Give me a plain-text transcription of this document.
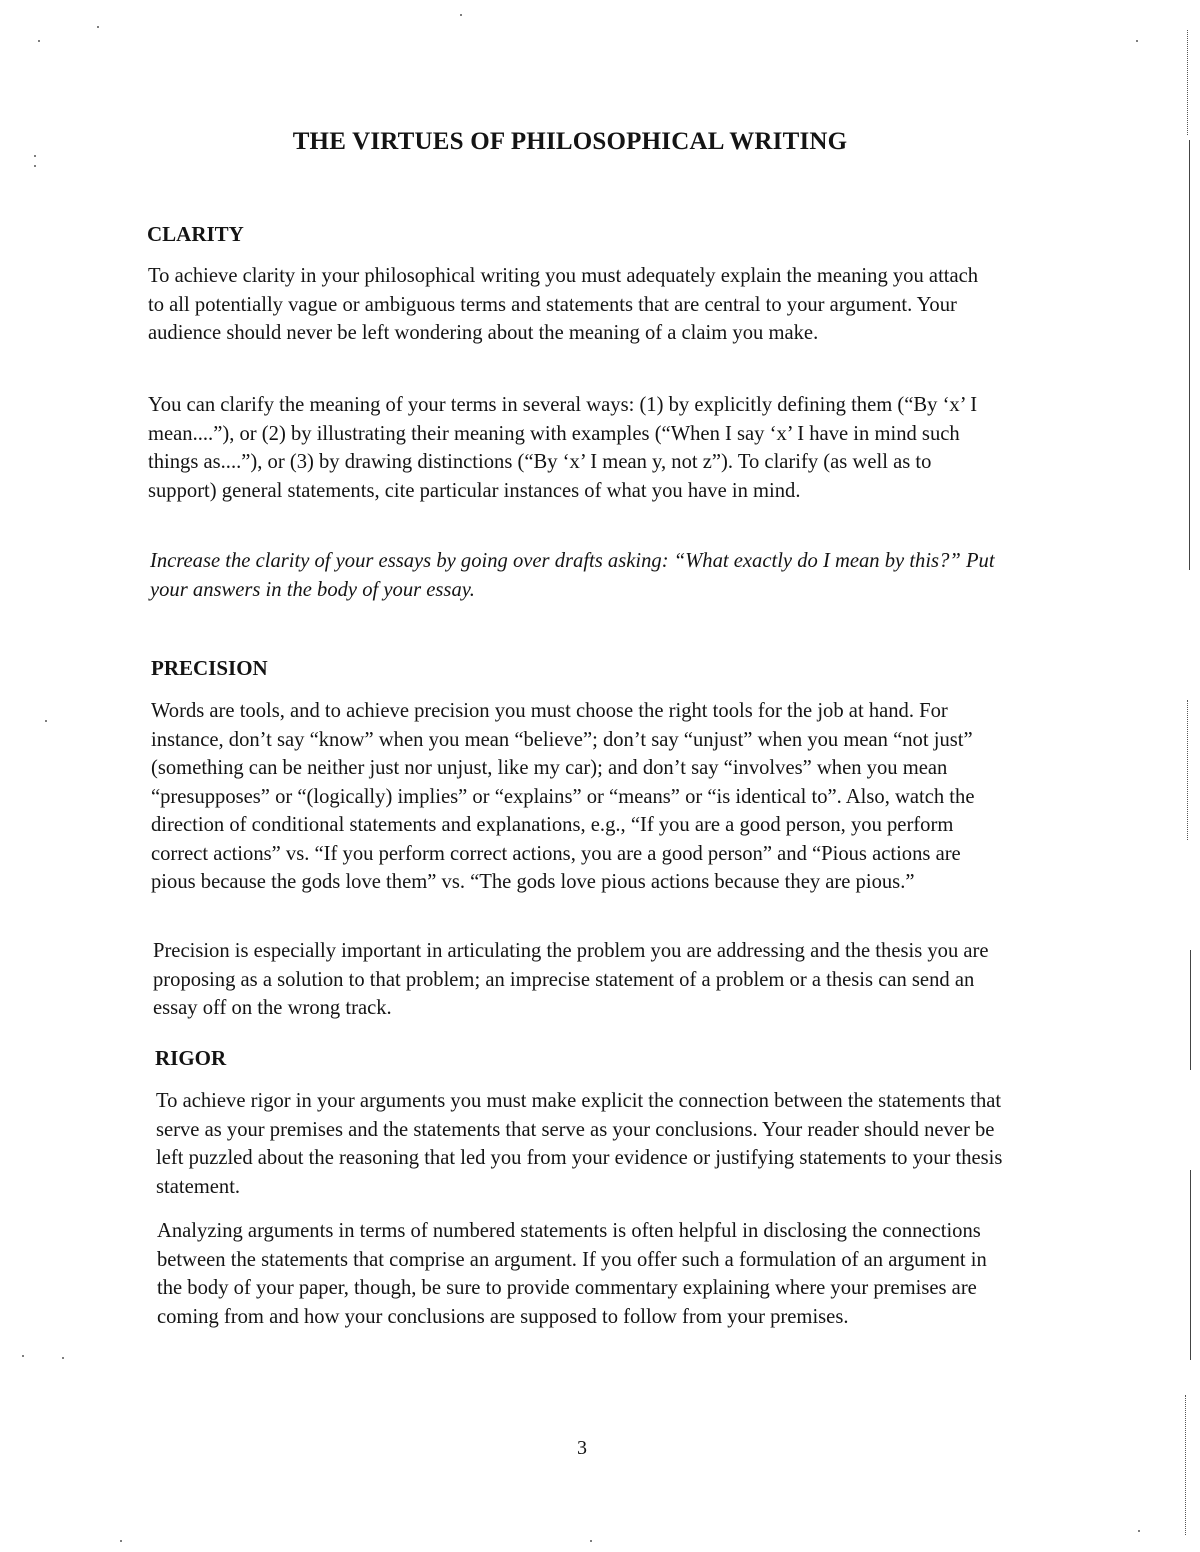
THE VIRTUES OF PHILOSOPHICAL WRITING
CLARITY

To achieve clarity in your philosophical writing you must adequately explain the meaning you attach to all potentially vague or ambiguous terms and statements that are central to your argument. Your audience should never be left wondering about the meaning of a claim you make.

You can clarify the meaning of your terms in several ways: (1) by explicitly defining them (“By ‘x’ I mean....”), or (2) by illustrating their meaning with examples (“When I say ‘x’ I have in mind such things as....”), or (3) by drawing distinctions (“By ‘x’ I mean y, not z”). To clarify (as well as to support) general statements, cite particular instances of what you have in mind.

Increase the clarity of your essays by going over drafts asking: “What exactly do I mean by this?” Put your answers in the body of your essay.

PRECISION

Words are tools, and to achieve precision you must choose the right tools for the job at hand. For instance, don’t say “know” when you mean “believe”; don’t say “unjust” when you mean “not just” (something can be neither just nor unjust, like my car); and don’t say “involves” when you mean “presupposes” or “(logically) implies” or “explains” or “means” or “is identical to”. Also, watch the direction of conditional statements and explanations, e.g., “If you are a good person, you perform correct actions” vs. “If you perform correct actions, you are a good person” and “Pious actions are pious because the gods love them” vs. “The gods love pious actions because they are pious.”

Precision is especially important in articulating the problem you are addressing and the thesis you are proposing as a solution to that problem; an imprecise statement of a problem or a thesis can send an essay off on the wrong track.

RIGOR

To achieve rigor in your arguments you must make explicit the connection between the statements that serve as your premises and the statements that serve as your conclusions. Your reader should never be left puzzled about the reasoning that led you from your evidence or justifying statements to your thesis statement.

Analyzing arguments in terms of numbered statements is often helpful in disclosing the connections between the statements that comprise an argument. If you offer such a formulation of an argument in the body of your paper, though, be sure to provide commentary explaining where your premises are coming from and how your conclusions are supposed to follow from your premises.

3
